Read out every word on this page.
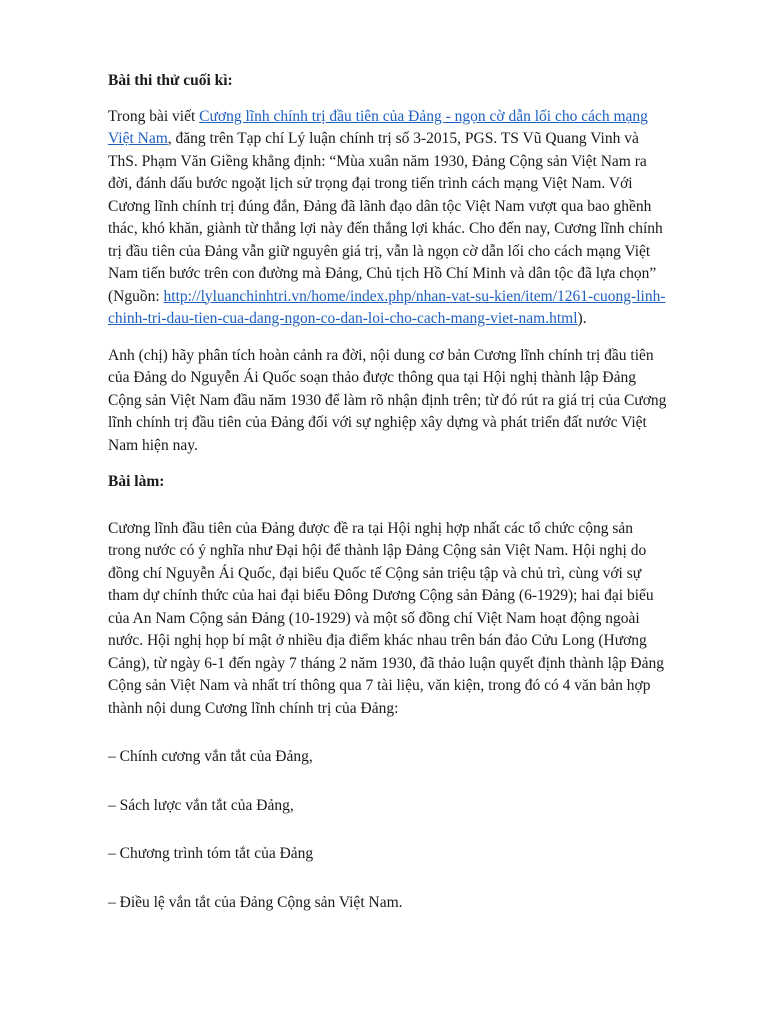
Bài thi thử cuối kì:

Trong bài viết Cương lĩnh chính trị đầu tiên của Đảng - ngọn cờ dẫn lối cho cách mạng Việt Nam, đăng trên Tạp chí Lý luận chính trị số 3-2015, PGS. TS Vũ Quang Vinh và ThS. Phạm Văn Giềng khẳng định: “Mùa xuân năm 1930, Đảng Cộng sản Việt Nam ra đời, đánh dấu bước ngoặt lịch sử trọng đại trong tiến trình cách mạng Việt Nam. Với Cương lĩnh chính trị đúng đắn, Đảng đã lãnh đạo dân tộc Việt Nam vượt qua bao ghềnh thác, khó khăn, giành từ thắng lợi này đến thắng lợi khác. Cho đến nay, Cương lĩnh chính trị đầu tiên của Đảng vẫn giữ nguyên giá trị, vẫn là ngọn cờ dẫn lối cho cách mạng Việt Nam tiến bước trên con đường mà Đảng, Chủ tịch Hồ Chí Minh và dân tộc đã lựa chọn”
(Nguồn: http://lyluanchinhtri.vn/home/index.php/nhan-vat-su-kien/item/1261-cuong-linh-chinh-tri-dau-tien-cua-dang-ngon-co-dan-loi-cho-cach-mang-viet-nam.html).

Anh (chị) hãy phân tích hoàn cảnh ra đời, nội dung cơ bản Cương lĩnh chính trị đầu tiên của Đảng do Nguyễn Ái Quốc soạn thảo được thông qua tại Hội nghị thành lập Đảng Cộng sản Việt Nam đầu năm 1930 để làm rõ nhận định trên; từ đó rút ra giá trị của Cương lĩnh chính trị đầu tiên của Đảng đối với sự nghiệp xây dựng và phát triển đất nước Việt Nam hiện nay.

Bài làm:

Cương lĩnh đầu tiên của Đảng được đề ra tại Hội nghị hợp nhất các tổ chức cộng sản trong nước có ý nghĩa như Đại hội để thành lập Đảng Cộng sản Việt Nam. Hội nghị do đồng chí Nguyễn Ái Quốc, đại biểu Quốc tế Cộng sản triệu tập và chủ trì, cùng với sự tham dự chính thức của hai đại biểu Đông Dương Cộng sản Đảng (6-1929); hai đại biểu của An Nam Cộng sản Đảng (10-1929) và một số đồng chí Việt Nam hoạt động ngoài nước. Hội nghị họp bí mật ở nhiều địa điểm khác nhau trên bán đảo Cửu Long (Hương Cảng), từ ngày 6-1 đến ngày 7 tháng 2 năm 1930, đã thảo luận quyết định thành lập Đảng Cộng sản Việt Nam và nhất trí thông qua 7 tài liệu, văn kiện, trong đó có 4 văn bản hợp thành nội dung Cương lĩnh chính trị của Đảng:

– Chính cương vắn tắt của Đảng,

– Sách lược vắn tắt của Đảng,

– Chương trình tóm tắt của Đảng

– Điều lệ vắn tắt của Đảng Cộng sản Việt Nam.
